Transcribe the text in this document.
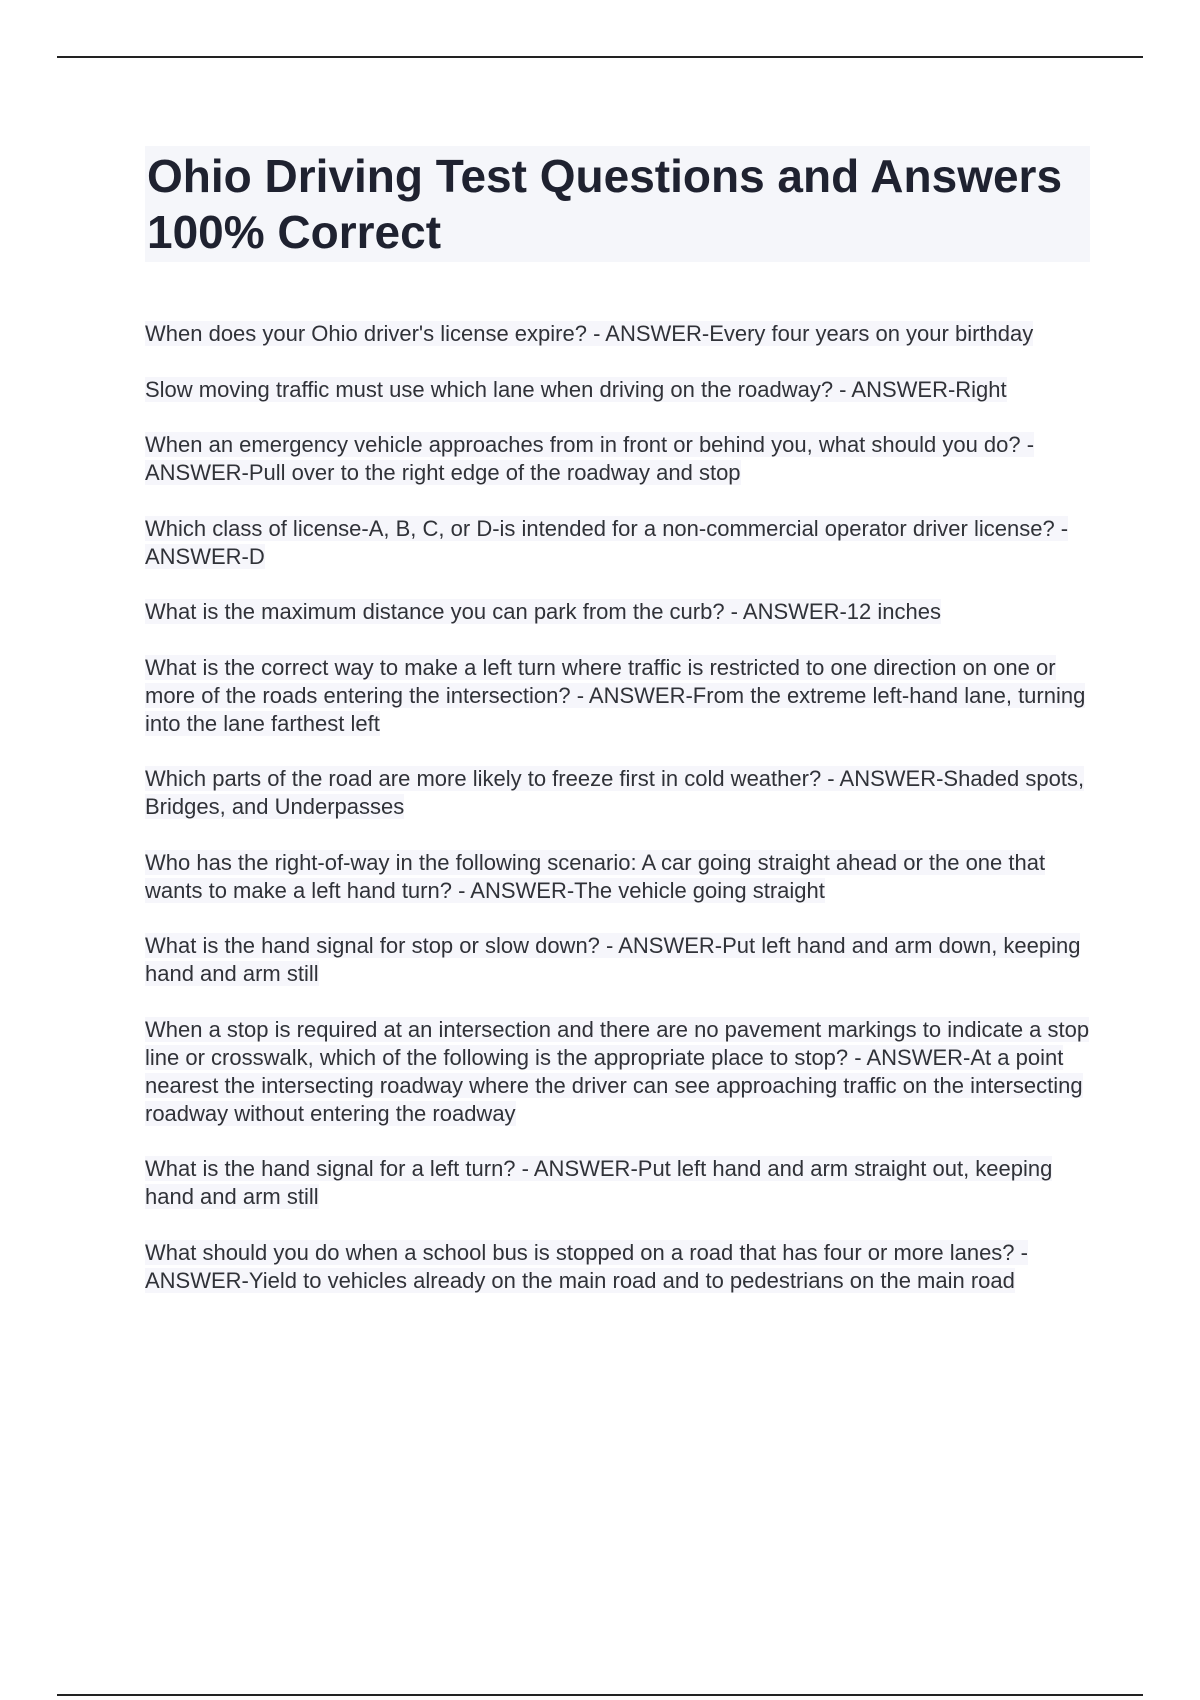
Ohio Driving Test Questions and Answers 100% Correct
When does your Ohio driver's license expire? - ANSWER-Every four years on your birthday
Slow moving traffic must use which lane when driving on the roadway? - ANSWER-Right
When an emergency vehicle approaches from in front or behind you, what should you do? - ANSWER-Pull over to the right edge of the roadway and stop
Which class of license-A, B, C, or D-is intended for a non-commercial operator driver license? - ANSWER-D
What is the maximum distance you can park from the curb? - ANSWER-12 inches
What is the correct way to make a left turn where traffic is restricted to one direction on one or more of the roads entering the intersection? - ANSWER-From the extreme left-hand lane, turning into the lane farthest left
Which parts of the road are more likely to freeze first in cold weather? - ANSWER-Shaded spots, Bridges, and Underpasses
Who has the right-of-way in the following scenario: A car going straight ahead or the one that wants to make a left hand turn? - ANSWER-The vehicle going straight
What is the hand signal for stop or slow down? - ANSWER-Put left hand and arm down, keeping hand and arm still
When a stop is required at an intersection and there are no pavement markings to indicate a stop line or crosswalk, which of the following is the appropriate place to stop? - ANSWER-At a point nearest the intersecting roadway where the driver can see approaching traffic on the intersecting roadway without entering the roadway
What is the hand signal for a left turn? - ANSWER-Put left hand and arm straight out, keeping hand and arm still
What should you do when a school bus is stopped on a road that has four or more lanes? - ANSWER-Yield to vehicles already on the main road and to pedestrians on the main road
